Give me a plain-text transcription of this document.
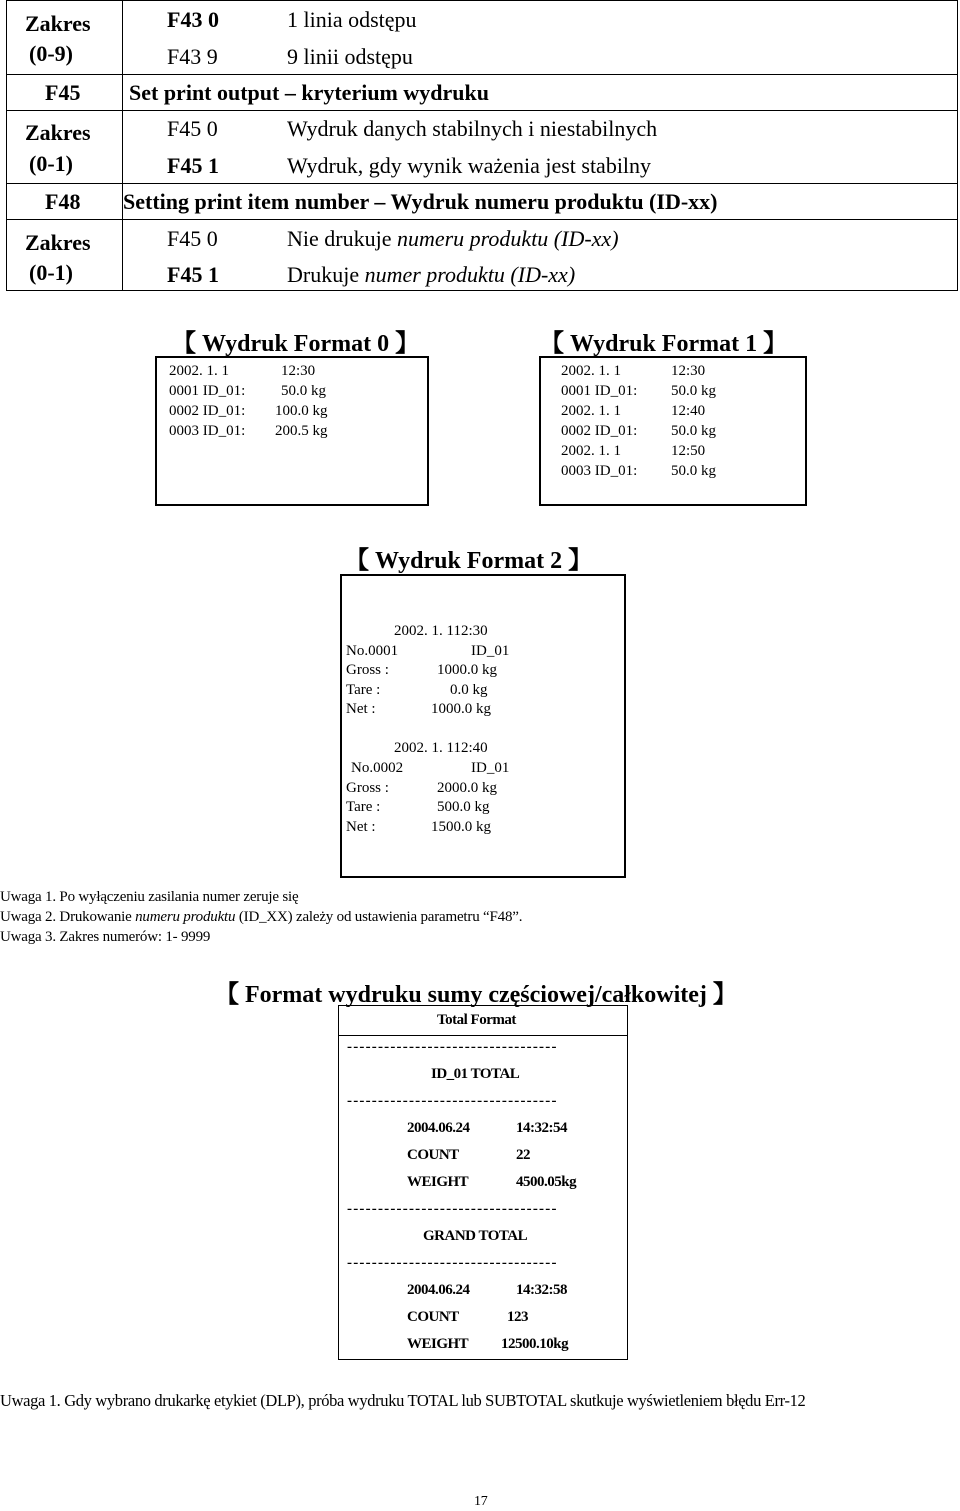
Zakres
(0-9)
F43 0	1 linia odstępu
F43 9	9 linii odstępu
F45 Set print output – kryterium wydruku
Zakres
(0-1)
F45 0	Wydruk danych stabilnych i niestabilnych
F45 1	Wydruk, gdy wynik ważenia jest stabilny
F48 Setting print item number – Wydruk numeru produktu (ID-xx)
Zakres
(0-1)
F45 0	Nie drukuje numeru produktu (ID-xx)
F45 1	Drukuje numer produktu (ID-xx)
【 Wydruk Format 0 】
2002. 1. 1	12:30
0001 ID_01: 50.0 kg
0002 ID_01: 100.0 kg
0003 ID_01: 200.5 kg
【 Wydruk Format 1 】
2002. 1. 1	12:30
0001 ID_01: 50.0 kg
2002. 1. 1	12:40
0002 ID_01: 50.0 kg
2002. 1. 1	12:50
0003 ID_01: 50.0 kg
【 Wydruk Format 2 】
2002. 1. 112:30
No.0001	ID_01
Gross :	1000.0 kg
Tare :	0.0 kg
Net :	1000.0 kg
2002. 1. 112:40
No.0002	ID_01
Gross :	2000.0 kg
Tare :	500.0 kg
Net :	1500.0 kg
Uwaga 1. Po wyłączeniu zasilania numer zeruje się
Uwaga 2. Drukowanie numeru produktu (ID_XX) zależy od ustawienia parametru “F48”.
Uwaga 3. Zakres numerów: 1- 9999
【 Format wydruku sumy częściowej/całkowitej 】
Total Format
----------------------------------
ID_01 TOTAL
----------------------------------
2004.06.24	14:32:54
COUNT	22
WEIGHT	4500.05kg
----------------------------------
GRAND TOTAL
----------------------------------
2004.06.24	14:32:58
COUNT	123
WEIGHT 12500.10kg
Uwaga 1. Gdy wybrano drukarkę etykiet (DLP), próba wydruku TOTAL lub SUBTOTAL skutkuje wyświetleniem błędu Err-12
17
